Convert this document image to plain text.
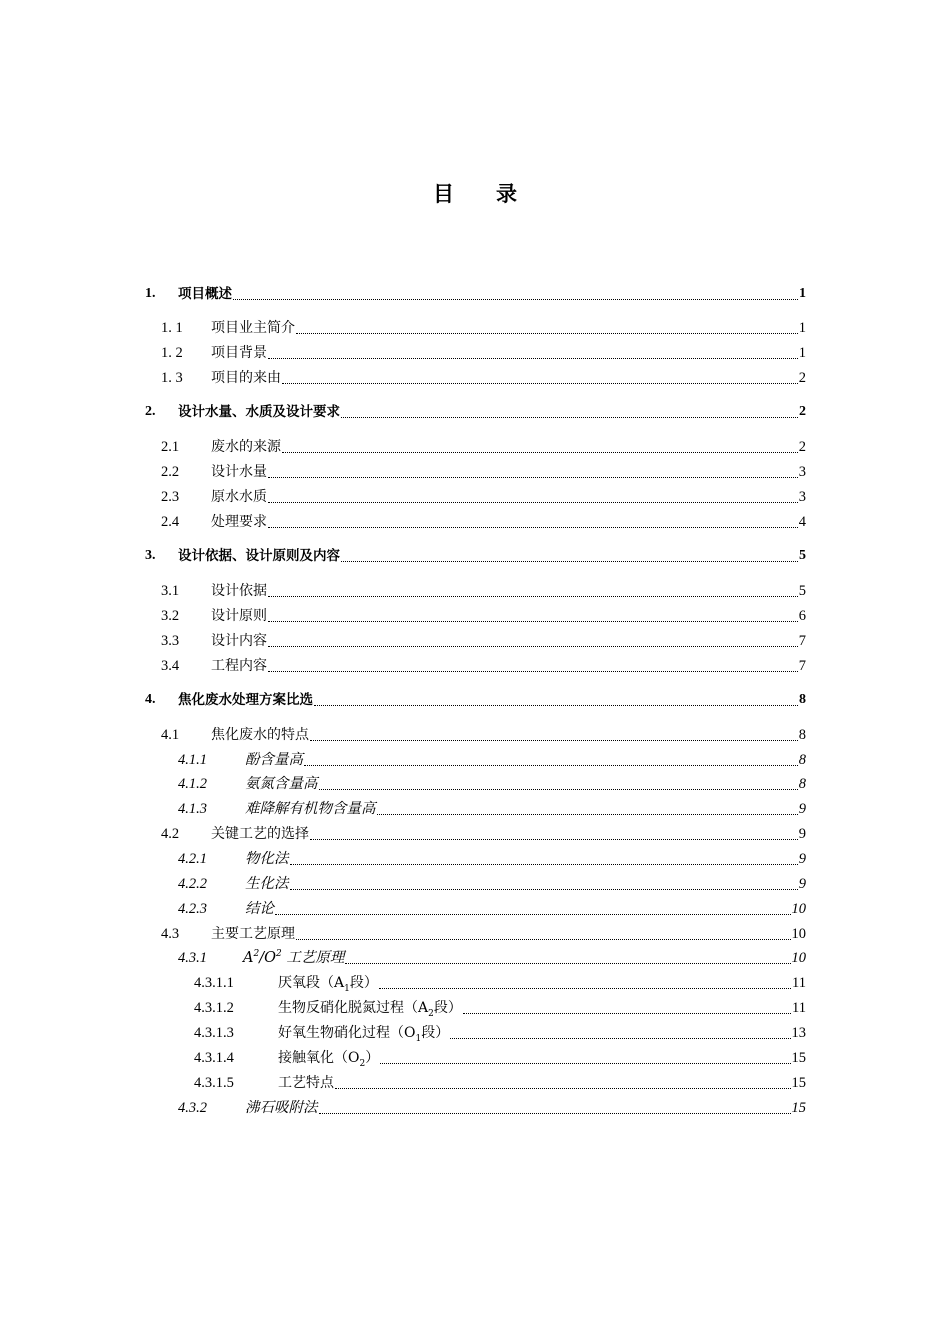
目　　录
1.	项目概述	1
1. 1	项目业主简介	1
1. 2	项目背景	1
1. 3	项目的来由	2
2.	设计水量、水质及设计要求	2
2.1	废水的来源	2
2.2	设计水量	3
2.3	原水水质	3
2.4	处理要求	4
3.	设计依据、设计原则及内容	5
3.1	设计依据	5
3.2	设计原则	6
3.3	设计内容	7
3.4	工程内容	7
4.	焦化废水处理方案比选	8
4.1	焦化废水的特点	8
4.1.1	酚含量高	8
4.1.2	氨氮含量高	8
4.1.3	难降解有机物含量高	9
4.2	关键工艺的选择	9
4.2.1	物化法	9
4.2.2	生化法	9
4.2.3	结论	10
4.3	主要工艺原理	10
4.3.1	$A^2/O^2$ 工艺原理	10
4.3.1.1	厌氧段（$A_1$段）	11
4.3.1.2	生物反硝化脱氮过程（$A_2$段）	11
4.3.1.3	好氧生物硝化过程（$O_1$段）	13
4.3.1.4	接触氧化$(O_2)$	15
4.3.1.5	工艺特点	15
4.3.2	沸石吸附法	15
